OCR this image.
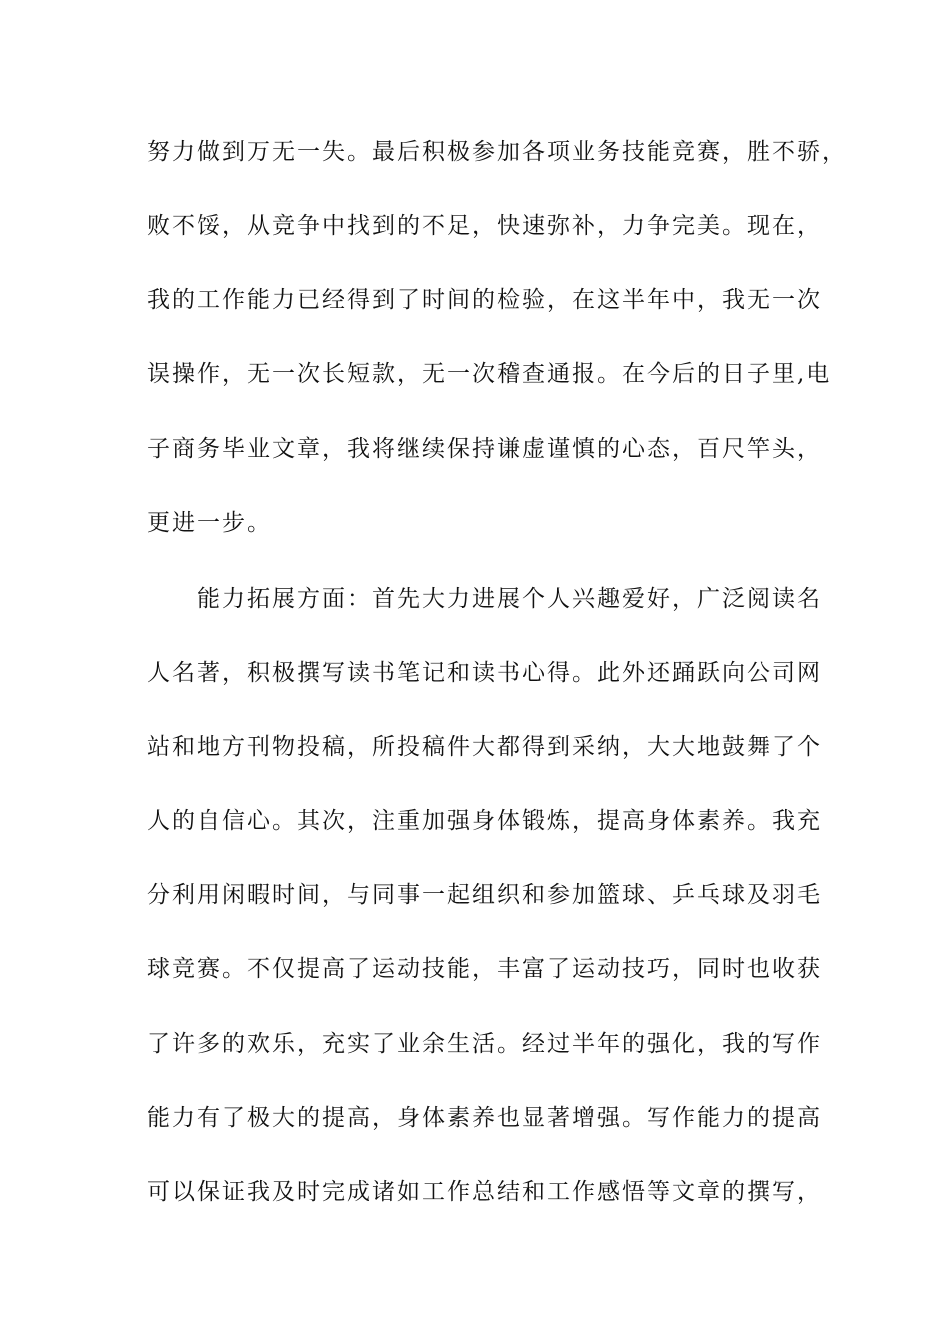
努力做到万无一失。最后积极参加各项业务技能竞赛，胜不骄，
败不馁，从竞争中找到的不足，快速弥补，力争完美。现在，
我的工作能力已经得到了时间的检验，在这半年中，我无一次
误操作，无一次长短款，无一次稽查通报。在今后的日子里,电
子商务毕业文章，我将继续保持谦虚谨慎的心态，百尺竿头，
更进一步。
能力拓展方面：首先大力进展个人兴趣爱好，广泛阅读名
人名著，积极撰写读书笔记和读书心得。此外还踊跃向公司网
站和地方刊物投稿，所投稿件大都得到采纳，大大地鼓舞了个
人的自信心。其次，注重加强身体锻炼，提高身体素养。我充
分利用闲暇时间，与同事一起组织和参加篮球、乒乓球及羽毛
球竞赛。不仅提高了运动技能，丰富了运动技巧，同时也收获
了许多的欢乐，充实了业余生活。经过半年的强化，我的写作
能力有了极大的提高，身体素养也显著增强。写作能力的提高
可以保证我及时完成诸如工作总结和工作感悟等文章的撰写，
